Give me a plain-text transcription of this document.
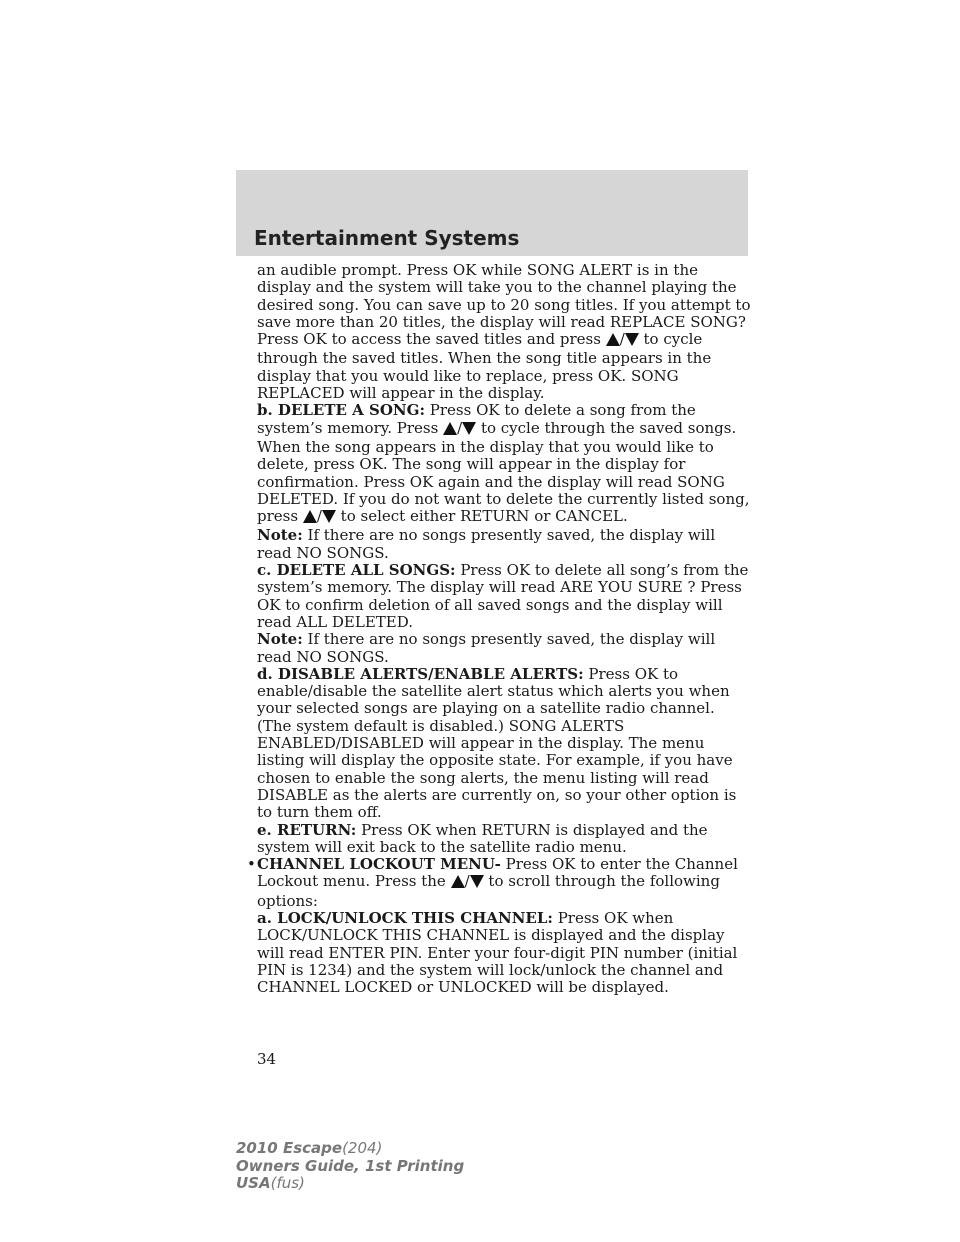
Entertainment Systems

an audible prompt. Press OK while SONG ALERT is in the display and the system will take you to the channel playing the desired song. You can save up to 20 song titles. If you attempt to save more than 20 titles, the display will read REPLACE SONG? Press OK to access the saved titles and press / to cycle through the saved titles. When the song title appears in the display that you would like to replace, press OK. SONG REPLACED will appear in the display.

b. DELETE A SONG: Press OK to delete a song from the system’s memory. Press / to cycle through the saved songs. When the song appears in the display that you would like to delete, press OK. The song will appear in the display for confirmation. Press OK again and the display will read SONG DELETED. If you do not want to delete the currently listed song, press / to select either RETURN or CANCEL.

Note: If there are no songs presently saved, the display will read NO SONGS.

c. DELETE ALL SONGS: Press OK to delete all song’s from the system’s memory. The display will read ARE YOU SURE ? Press OK to confirm deletion of all saved songs and the display will read ALL DELETED.

Note: If there are no songs presently saved, the display will read NO SONGS.

d. DISABLE ALERTS/ENABLE ALERTS: Press OK to enable/disable the satellite alert status which alerts you when your selected songs are playing on a satellite radio channel. (The system default is disabled.) SONG ALERTS ENABLED/DISABLED will appear in the display. The menu listing will display the opposite state. For example, if you have chosen to enable the song alerts, the menu listing will read DISABLE as the alerts are currently on, so your other option is to turn them off.

e. RETURN: Press OK when RETURN is displayed and the system will exit back to the satellite radio menu.

• CHANNEL LOCKOUT MENU- Press OK to enter the Channel Lockout menu. Press the / to scroll through the following options:

a. LOCK/UNLOCK THIS CHANNEL: Press OK when LOCK/UNLOCK THIS CHANNEL is displayed and the display will read ENTER PIN. Enter your four-digit PIN number (initial PIN is 1234) and the system will lock/unlock the channel and CHANNEL LOCKED or UNLOCKED will be displayed.

34
2010 Escape(204)
Owners Guide, 1st Printing
USA(fus)
